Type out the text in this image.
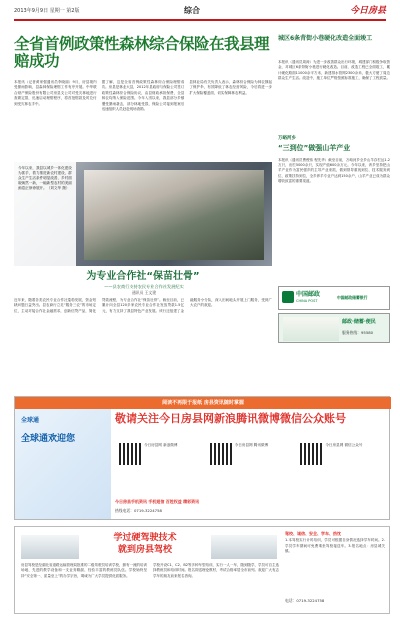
2013年9月9日 星期一 第2版	综合	今日房县
全省首例政策性森林综合保险在我县理赔成功
本报讯（记者黄家强通讯员李晓丽）9月，房县境内受暴雨影响，县森林保险理赔工作有序开展。中华联合财产保险股份有限公司房县支公司对受灾林地进行查勘定损，迅速启动理赔程序，将首批赔款及时兑付到受灾林农手中。
据了解，这是全省首例政策性森林综合保险理赔成功。房县是林业大县，2012年县政府与保险公司签订政策性森林综合保险协议，由县财政承担保费，全县林农均纳入保险范围。今年入汛以来，我县部分乡镇遭受暴雨袭击，部分林地受损，保险公司接到报案后迅速组织人员赶赴现场查勘。
县林业局有关负责人表示，森林综合保险为林农撑起了保护伞，有效降低了林农经营风险，今后将进一步扩大保险覆盖面，切实保障林农利益。
城区6条背街小巷硬化改造全面竣工
本报讯（通讯员周涛）为进一步改善群众出行环境，城建部门积极争取资金，对城区6条背街小巷进行硬化改造。目前，改造工程已全面竣工，累计硬化路面11000余平方米，新建排水管网2300余米，极大方便了周边群众生产生活。改造中，施工单位严格按照标准施工，确保了工程质量。
今年以来，我县以城乡一体化建设为抓手，着力推进新农村建设，群众生产生活条件明显改善，乡村面貌焕然一新，一幅新型农村的美丽画卷正徐徐展开。（刘文华 摄）
为专业合作社“保苗壮骨”
——县农商行支持农民专业合作社发展纪实
通讯员 王文建
近年来，随着各类农民专业合作社蓬勃发展，资金短缺问题日益突出。县农商行立足“服务三农”的市场定位，主动对接合作社金融需求，创新信贷产品，简化贷款流程，为专业合作社“保苗壮骨”。截至目前，已累计向全县120多家农民专业合作社发放贷款1.5亿元，有力支持了我县特色产业发展。该行还组建了金融服务小分队，深入田间地头开展上门服务，受到广大农户的欢迎。
万峪河乡
“三到位”做强山羊产业
本报讯（通讯员曹俊伟 程先华）截至目前，万峪河乡全乡山羊存栏达1.2万只，出栏5000余只，实现产值600余万元。今年以来，该乡坚持把山羊产业作为富民强乡的主导产业来抓，做到领导重视到位、技术服务到位、政策扶持到位，全乡养羊专业户达到150余户，山羊产业已成为群众增收致富的重要渠道。
中国邮政
CHINA POST
中国邮政储蓄银行
邮政·储蓄·便民
服务热线：95580
阅读不再限于报纸 房县资讯随时掌握
全球通
全球通欢迎您
敬请关注今日房县网新浪腾讯微博微信公众账号
今日房县网 新浪微博	今日房县网 腾讯微博	今日房县网 微信公众号
今日房县手机资讯 手机短信 百姓权益 精彩资讯
热线电话：0719-3224758
学过硬驾驶技术
就到房县驾校
房县驾校是经湖北省道路运输管理局批准的二级驾驶员培训学校，拥有一流的培训场地、先进的教学设备和一支业务精湛、经验丰富的教练员队伍。学校始终坚持“安全第一、质量至上”的办学宗旨，竭诚为广大学员提供优质服务。
学校开设C1、C2、B2等多种车型培训，实行一人一车、随到随学，学员可自主选择教练员和培训时间。报名即送理论教材，考试合格率居全市前列。欢迎广大有志学车的朋友前来报名咨询。
驾校、诚信、安全、学车、热忱
1.本驾校实行计时培训，学员可根据自身情况选择学车时间。2.学员学车期间可免费乘坐驾校接送车。3.报名地点：房县城关镇。
电话：0719-3224758
